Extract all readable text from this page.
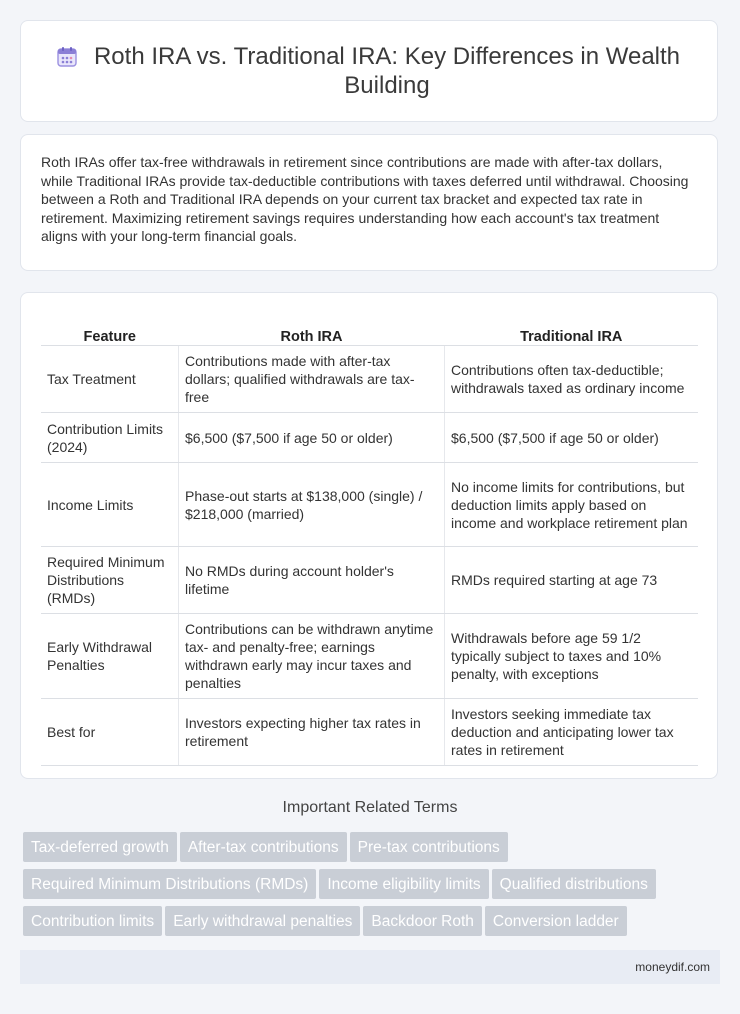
Roth IRA vs. Traditional IRA: Key Differences in Wealth Building

Roth IRAs offer tax-free withdrawals in retirement since contributions are made with after-tax dollars, while Traditional IRAs provide tax-deductible contributions with taxes deferred until withdrawal. Choosing between a Roth and Traditional IRA depends on your current tax bracket and expected tax rate in retirement. Maximizing retirement savings requires understanding how each account's tax treatment aligns with your long-term financial goals.

Feature	Roth IRA	Traditional IRA
Tax Treatment	Contributions made with after-tax dollars; qualified withdrawals are tax-free	Contributions often tax-deductible; withdrawals taxed as ordinary income
Contribution Limits (2024)	$6,500 ($7,500 if age 50 or older)	$6,500 ($7,500 if age 50 or older)
Income Limits	Phase-out starts at $138,000 (single) / $218,000 (married)	No income limits for contributions, but deduction limits apply based on income and workplace retirement plan
Required Minimum Distributions (RMDs)	No RMDs during account holder's lifetime	RMDs required starting at age 73
Early Withdrawal Penalties	Contributions can be withdrawn anytime tax- and penalty-free; earnings withdrawn early may incur taxes and penalties	Withdrawals before age 59 1/2 typically subject to taxes and 10% penalty, with exceptions
Best for	Investors expecting higher tax rates in retirement	Investors seeking immediate tax deduction and anticipating lower tax rates in retirement
Important Related Terms
Tax-deferred growth After-tax contributions Pre-tax contributions
Required Minimum Distributions (RMDs) Income eligibility limits Qualified distributions
Contribution limits Early withdrawal penalties Backdoor Roth Conversion ladder
moneydif.com
